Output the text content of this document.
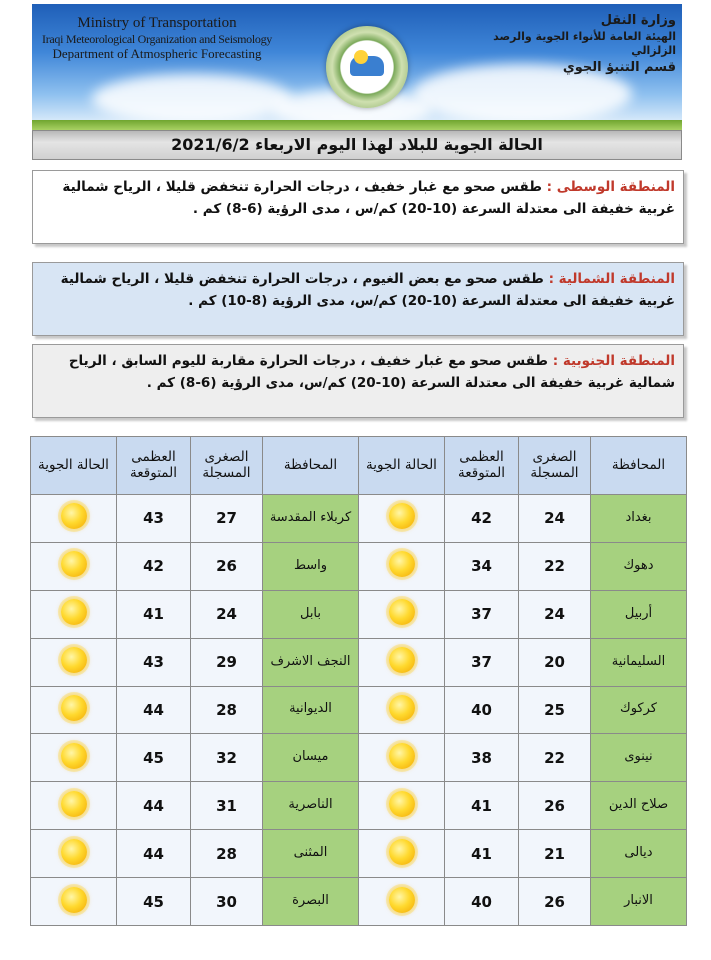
Ministry of Transportation
Iraqi Meteorological Organization and Seismology
Department of Atmospheric Forecasting
وزارة النقل
الهيئة العامة للأنواء الجوية والرصد الزلزالي
قسم التنبؤ الجوي
الحالة الجوية للبلاد لهذا اليوم الاربعاء 2021/6/2
المنطقة الوسطى : طقس صحو مع غبار خفيف ، درجات الحرارة تنخفض قليلا ، الرياح شمالية غربية خفيفة الى معتدلة السرعة (10-20) كم/س ، مدى الرؤية (6-8) كم .
المنطقة الشمالية : طقس صحو مع بعض الغيوم ، درجات الحرارة تنخفض قليلا ، الرياح شمالية غربية خفيفة الى معتدلة السرعة (10-20) كم/س، مدى الرؤية (8-10) كم .
المنطقة الجنوبية : طقس صحو مع غبار خفيف ، درجات الحرارة مقاربة لليوم السابق ، الرياح شمالية غربية خفيفة الى معتدلة السرعة (10-20) كم/س، مدى الرؤية (6-8) كم .
المحافظة	الصغرى المسجلة	العظمى المتوقعة	الحالة الجوية	المحافظة	الصغرى المسجلة	العظمى المتوقعة	الحالة الجوية
بغداد	24	42		كربلاء المقدسة	27	43	
دهوك	22	34		واسط	26	42	
أربيل	24	37		بابل	24	41	
السليمانية	20	37		النجف الاشرف	29	43	
كركوك	25	40		الديوانية	28	44	
نينوى	22	38		ميسان	32	45	
صلاح الدين	26	41		الناصرية	31	44	
ديالى	21	41		المثنى	28	44	
الانبار	26	40		البصرة	30	45	
